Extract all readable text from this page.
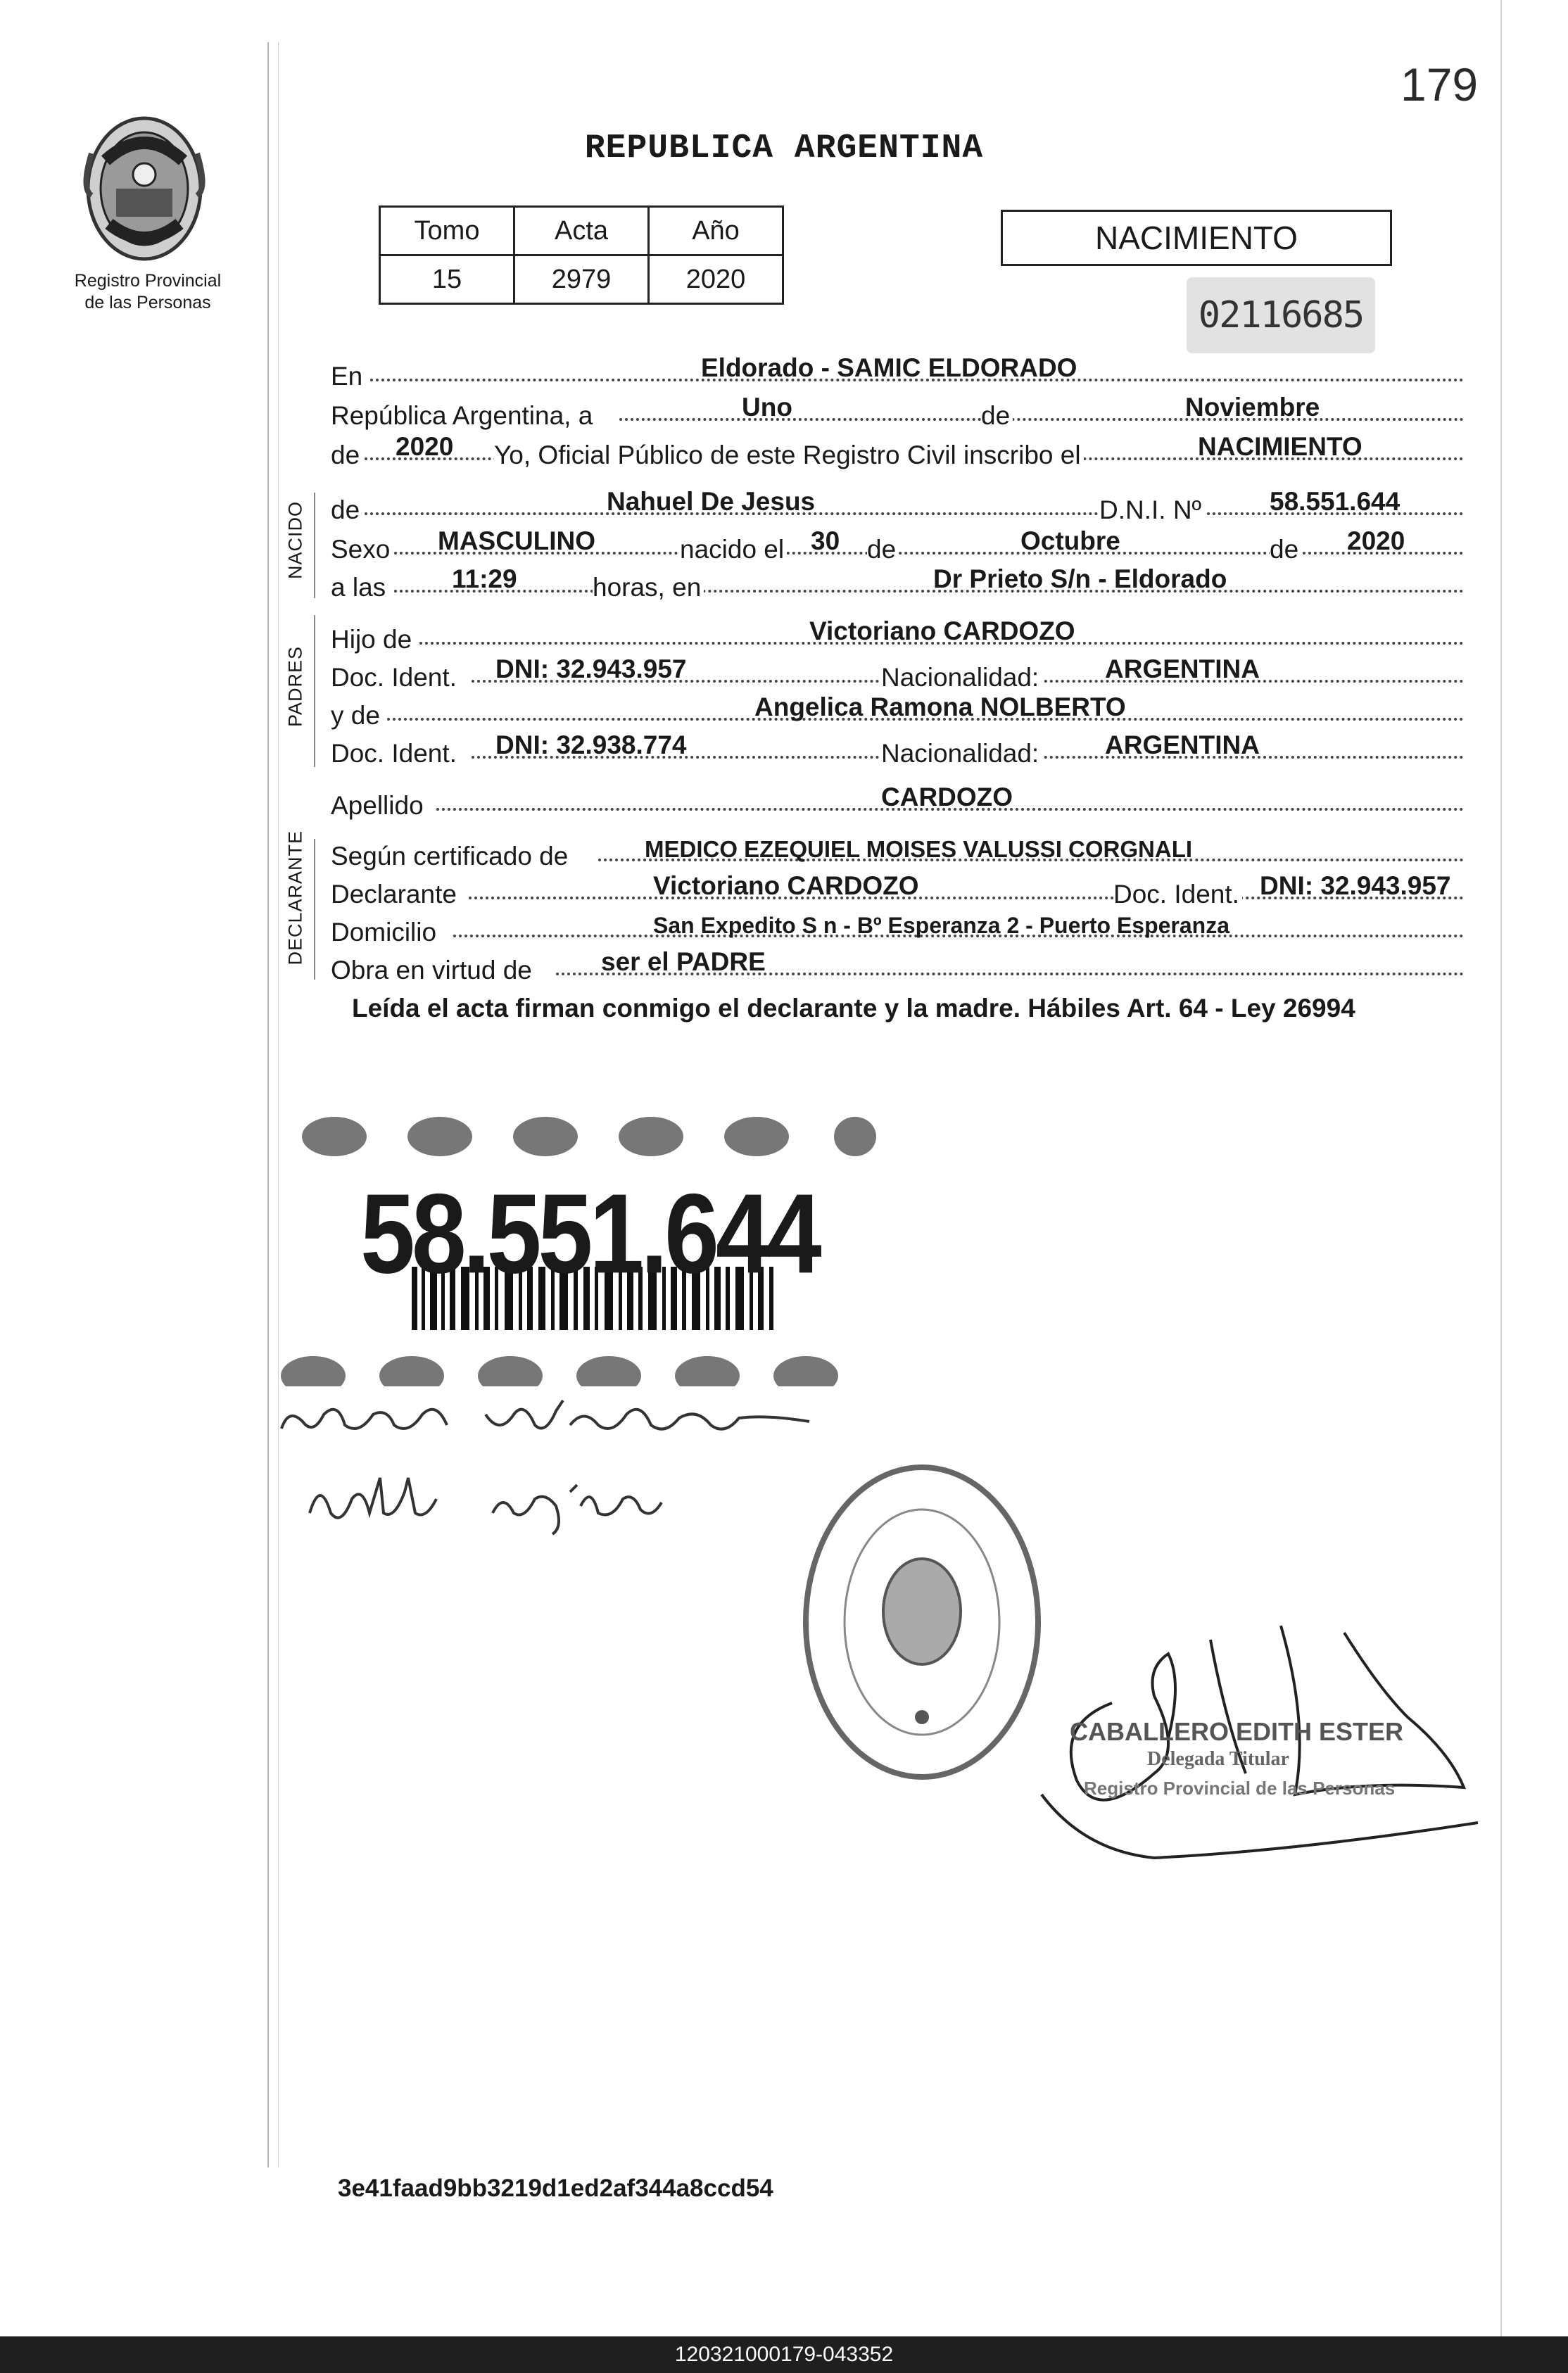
179
Registro Provincial
de las Personas
REPUBLICA ARGENTINA
Tomo	Acta	Año
15	2979	2020
NACIMIENTO
02116685
En	Eldorado - SAMIC ELDORADO
República Argentina, a	Uno	de	Noviembre
de 2020 Yo, Oficial Público de este Registro Civil inscribo el	NACIMIENTO
NACIDO de	Nahuel De Jesus	D.N.I. Nº	58.551.644
Sexo MASCULINO	nacido el 30 de	Octubre	de 2020
a las	11:29	horas, en	Dr Prieto S/n - Eldorado
PADRES
Hijo de	Victoriano CARDOZO
Doc. Ident. DNI: 32.943.957	Nacionalidad:	ARGENTINA
y de	Angelica Ramona NOLBERTO
Doc. Ident. DNI: 32.938.774	Nacionalidad:	ARGENTINA
Apellido	CARDOZO
DECLARANTE Según certificado de	MEDICO EZEQUIEL MOISES VALUSSI CORGNALI
Declarante	Victoriano CARDOZO	Doc. Ident. DNI: 32.943.957
Domicilio	San Expedito S n - Bº Esperanza 2 - Puerto Esperanza
Obra en virtud de	ser el PADRE
Leída el acta firman conmigo el declarante y la madre. Hábiles Art. 64 - Ley 26994
58.551.644
CABALLERO EDITH ESTER
Delegada Titular
Registro Provincial de las Personas
3e41faad9bb3219d1ed2af344a8ccd54
120321000179-043352
